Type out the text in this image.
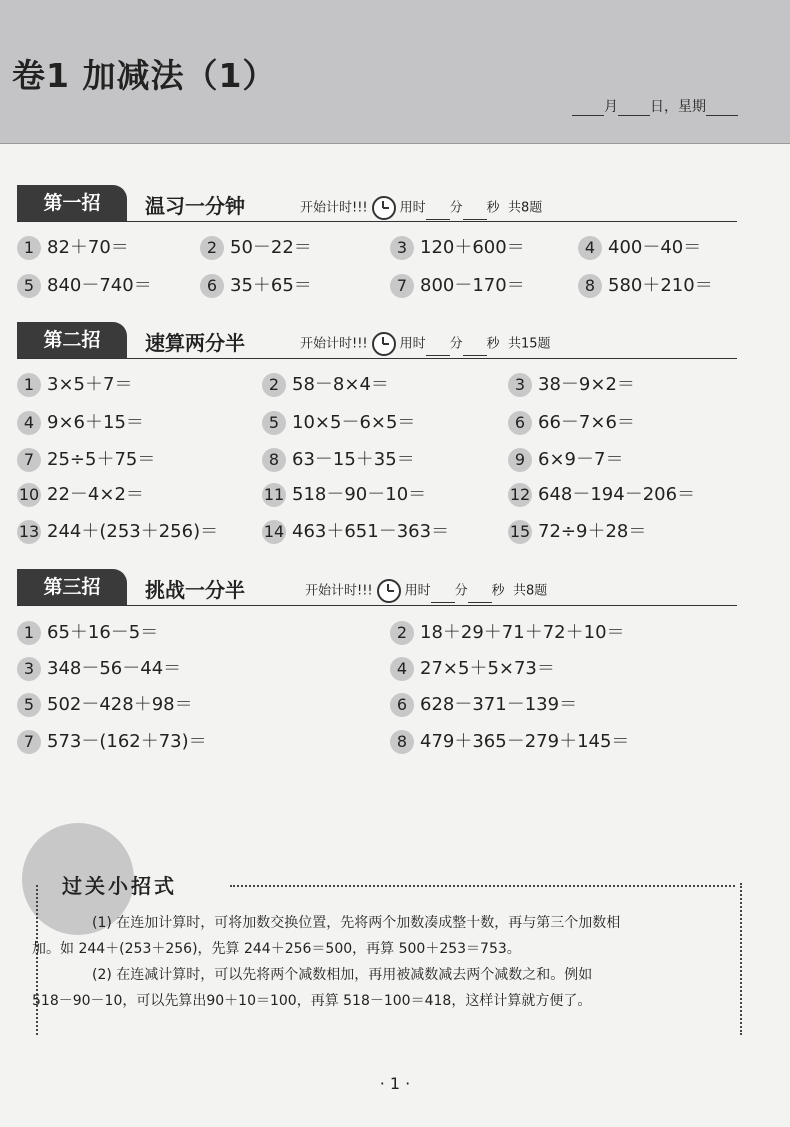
卷1 加减法（1）
月 日，星期
第一招	温习一分钟	开始计时!!! 用时 分 秒 共8题
1 82＋70＝	2 50－22＝	3 120＋600＝	4 400－40＝
5 840－740＝	6 35＋65＝	7 800－170＝	8 580＋210＝
第二招	速算两分半	开始计时!!! 用时 分 秒 共15题
1 3×5＋7＝	2 58－8×4＝	3 38－9×2＝
4 9×6＋15＝	5 10×5－6×5＝	6 66－7×6＝
7 25÷5＋75＝	8 63－15＋35＝	9 6×9－7＝
10 22－4×2＝	11 518－90－10＝	12 648－194－206＝
13 244＋(253＋256)＝	14 463＋651－363＝	15 72÷9＋28＝
第三招	挑战一分半	开始计时!!! 用时 分 秒 共8题
1 65＋16－5＝	2 18＋29＋71＋72＋10＝
3 348－56－44＝	4 27×5＋5×73＝
5 502－428＋98＝	6 628－371－139＝
7 573－(162＋73)＝	8 479＋365－279＋145＝
过关小招式
(1) 在连加计算时，可将加数交换位置，先将两个加数凑成整十数，再与第三个加数相
加。如 244＋(253＋256)，先算 244＋256＝500，再算 500＋253＝753。
(2) 在连减计算时，可以先将两个减数相加，再用被减数减去两个减数之和。例如
518－90－10，可以先算出90＋10＝100，再算 518－100＝418，这样计算就方便了。
· 1 ·
